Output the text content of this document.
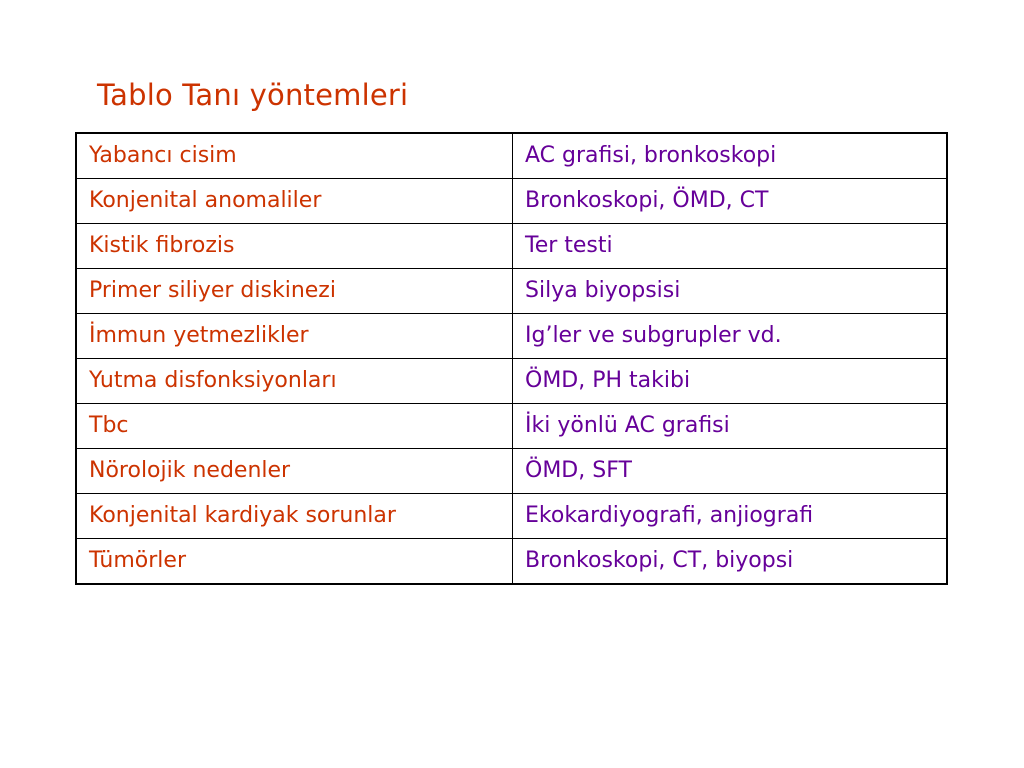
Tablo Tanı yöntemleri
Yabancı cisim	AC grafisi, bronkoskopi
Konjenital anomaliler	Bronkoskopi, ÖMD, CT
Kistik fibrozis	Ter testi
Primer siliyer diskinezi	Silya biyopsisi
İmmun yetmezlikler	Ig’ler ve subgrupler vd.
Yutma disfonksiyonları	ÖMD, PH takibi
Tbc	İki yönlü AC grafisi
Nörolojik nedenler	ÖMD, SFT
Konjenital kardiyak sorunlar	Ekokardiyografi, anjiografi
Tümörler	Bronkoskopi, CT, biyopsi
